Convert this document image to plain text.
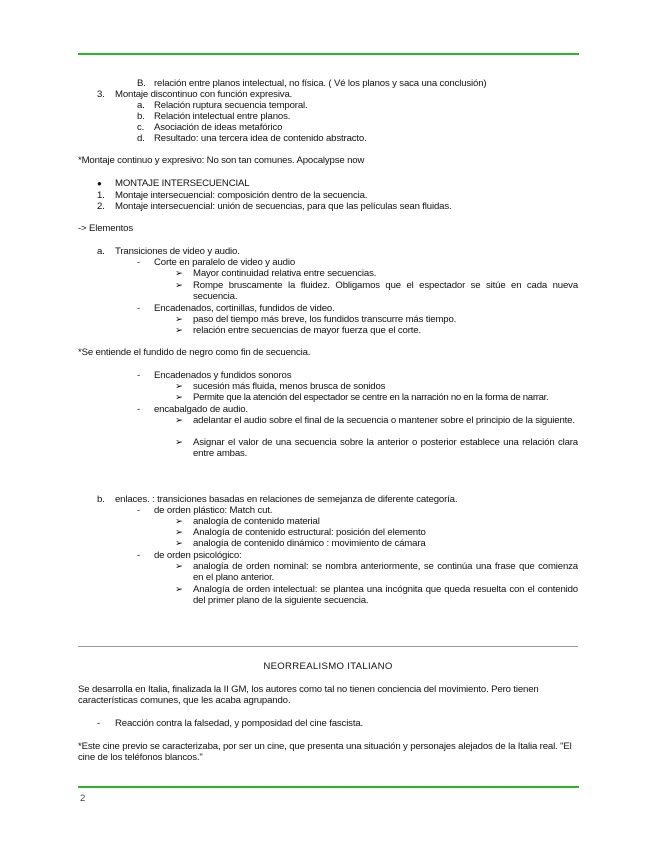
B. relación entre planos intelectual, no física. ( Vé los planos y saca una conclusión)
3. Montaje discontinuo con función expresiva.
a. Relación ruptura secuencia temporal.
b. Relación intelectual entre planos.
c. Asociación de ideas metafórico
d. Resultado: una tercera idea de contenido abstracto.
*Montaje continuo y expresivo: No son tan comunes. Apocalypse now
● MONTAJE INTERSECUENCIAL
1. Montaje intersecuencial: composición dentro de la secuencia.
2. Montaje intersecuencial: unión de secuencias, para que las películas sean fluidas.
-> Elementos
a. Transiciones de video y audio.
- Corte en paralelo de video y audio
➢ Mayor continuidad relativa entre secuencias.
➢ Rompe bruscamente la fluidez. Obligamos que el espectador se sitúe en cada nueva secuencia.
- Encadenados, cortinillas, fundidos de video.
➢ paso del tiempo más breve, los fundidos transcurre más tiempo.
➢ relación entre secuencias de mayor fuerza que el corte.
*Se entiende el fundido de negro como fin de secuencia.
- Encadenados y fundidos sonoros
➢ sucesión más fluida, menos brusca de sonidos
➢ Permite que la atención del espectador se centre en la narración no en la forma de narrar.
- encabalgado de audio.
➢ adelantar el audio sobre el final de la secuencia o mantener sobre el principio de la siguiente.
➢ Asignar el valor de una secuencia sobre la anterior o posterior establece una relación clara entre ambas.
b. enlaces. : transiciones basadas en relaciones de semejanza de diferente categoría.
- de orden plástico: Match cut.
➢ analogía de contenido material
➢ Analogía de contenido estructural: posición del elemento
➢ analogía de contenido dinámico : movimiento de cámara
- de orden psicológico:
➢ analogía de orden nominal: se nombra anteriormente, se continúa una frase que comienza en el plano anterior.
➢ Analogía de orden intelectual: se plantea una incógnita que queda resuelta con el contenido del primer plano de la siguiente secuencia.
NEORREALISMO ITALIANO
Se desarrolla en Italia, finalizada la II GM, los autores como tal no tienen conciencia del movimiento. Pero tienen características comunes, que les acaba agrupando.
- Reacción contra la falsedad, y pomposidad del cine fascista.
*Este cine previo se caracterizaba, por ser un cine, que presenta una situación y personajes alejados de la Italia real. "El cine de los teléfonos blancos."
2
